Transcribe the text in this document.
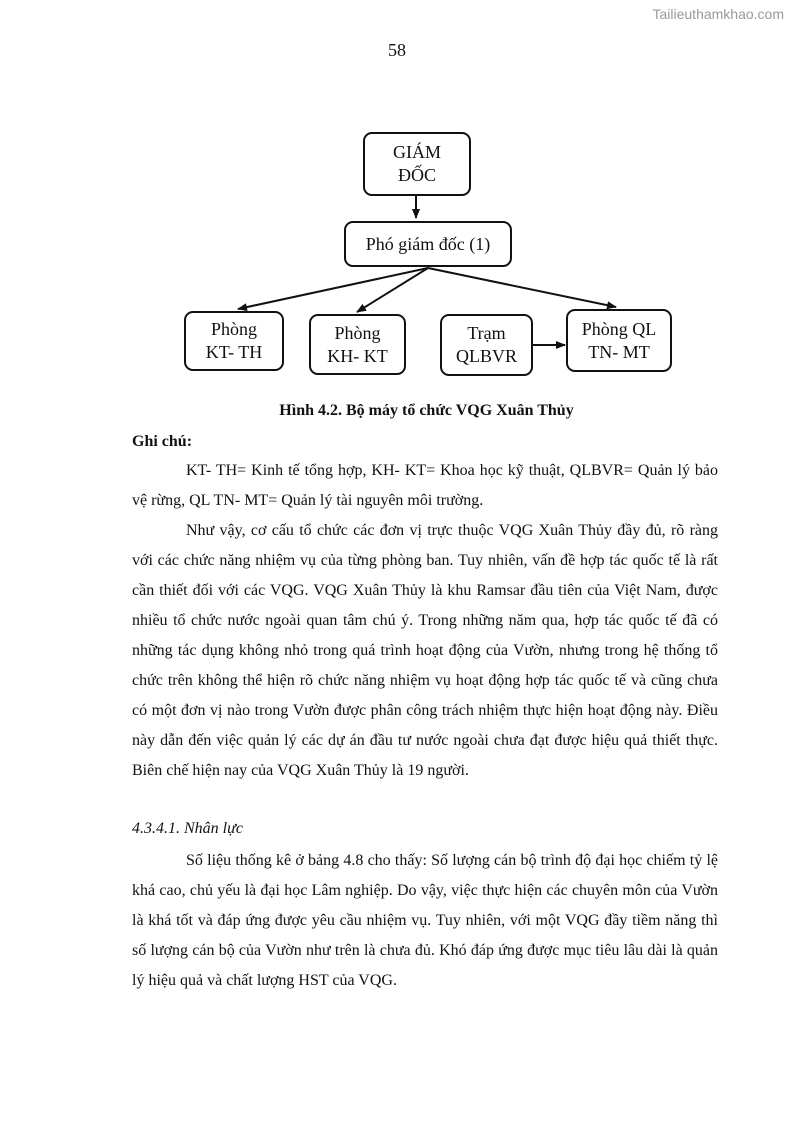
Tailieuthamkhao.com
58
GIÁM
ĐỐC
Phó giám đốc (1)
Phòng
KT- TH
Phòng
KH- KT
Trạm
QLBVR
Phòng QL
TN- MT
Hình 4.2. Bộ máy tổ chức VQG Xuân Thủy
Ghi chú:
KT- TH= Kinh tế tổng hợp, KH- KT= Khoa học kỹ thuật, QLBVR= Quản lý bảo vệ rừng, QL TN- MT= Quản lý tài nguyên môi trường.
Như vậy, cơ cấu tổ chức các đơn vị trực thuộc VQG Xuân Thủy đầy đủ, rõ ràng với các chức năng nhiệm vụ của từng phòng ban. Tuy nhiên, vấn đề hợp tác quốc tế là rất cần thiết đối với các VQG. VQG Xuân Thủy là khu Ramsar đầu tiên của Việt Nam, được nhiều tổ chức nước ngoài quan tâm chú ý. Trong những năm qua, hợp tác quốc tế đã có những tác dụng không nhỏ trong quá trình hoạt động của Vườn, nhưng trong hệ thống tổ chức trên không thể hiện rõ chức năng nhiệm vụ hoạt động hợp tác quốc tế và cũng chưa có một đơn vị nào trong Vườn được phân công trách nhiệm thực hiện hoạt động này. Điều này dẫn đến việc quản lý các dự án đầu tư nước ngoài chưa đạt được hiệu quả thiết thực. Biên chế hiện nay của VQG Xuân Thủy là 19 người.
4.3.4.1. Nhân lực
Số liệu thống kê ở bảng 4.8 cho thấy: Số lượng cán bộ trình độ đại học chiếm tỷ lệ khá cao, chủ yếu là đại học Lâm nghiệp. Do vậy, việc thực hiện các chuyên môn của Vườn là khá tốt và đáp ứng được yêu cầu nhiệm vụ. Tuy nhiên, với một VQG đầy tiềm năng thì số lượng cán bộ của Vườn như trên là chưa đủ. Khó đáp ứng được mục tiêu lâu dài là quản lý hiệu quả và chất lượng HST của VQG.
